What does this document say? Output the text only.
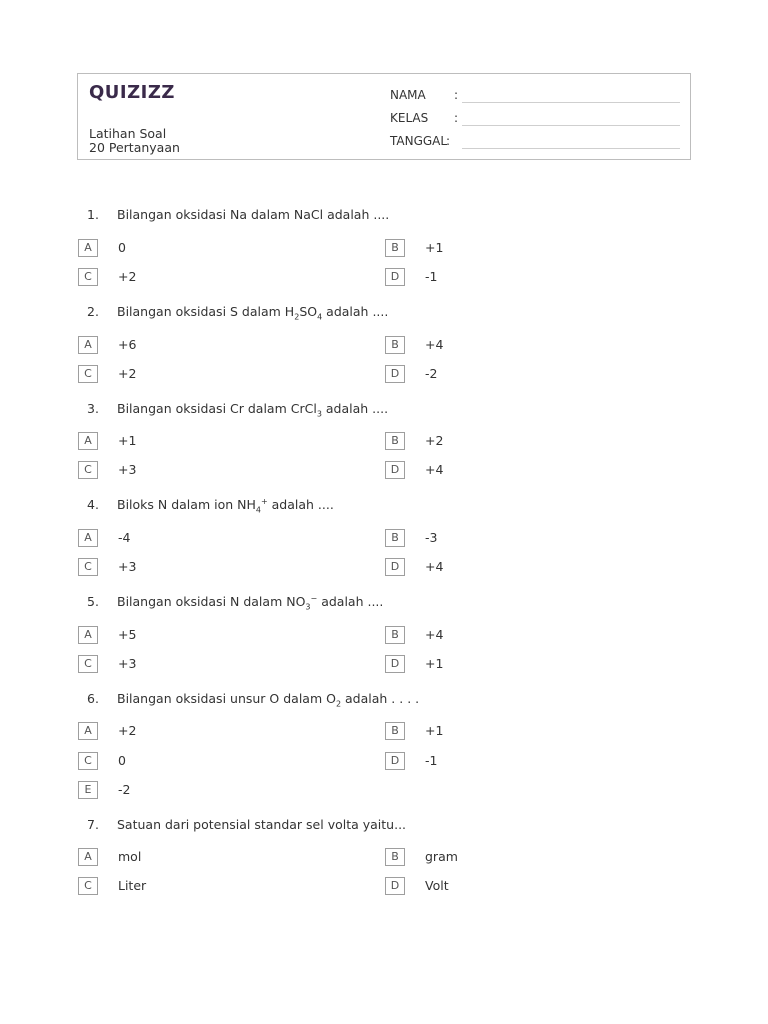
QUIZIZZ
Latihan Soal
20 Pertanyaan
NAMA :
KELAS :
TANGGAL
:
1. Bilangan oksidasi Na dalam NaCl adalah ....
A	0	B	+1
C	+2	D	-1
2. Bilangan oksidasi S dalam $H_2SO_4$ adalah ....
A	+6	B	+4
C	+2	D	-2
3. Bilangan oksidasi Cr dalam CrCl$_3$ adalah ....
A	+1	B	+2
C	+3	D	+4
4. Biloks N dalam ion $NH_4^+$ adalah ....
A	-4	B	-3
C	+3	D	+4
5. Bilangan oksidasi N dalam $NO_3^-$ adalah ....
A	+5	B	+4
C	+3	D	+1
6. Bilangan oksidasi unsur O dalam $O_2$ adalah . . . .
A	+2	B	+1
C	0	D	-1
E	-2
7. Satuan dari potensial standar sel volta yaitu...
A	mol	B	gram
C	Liter	D	Volt
